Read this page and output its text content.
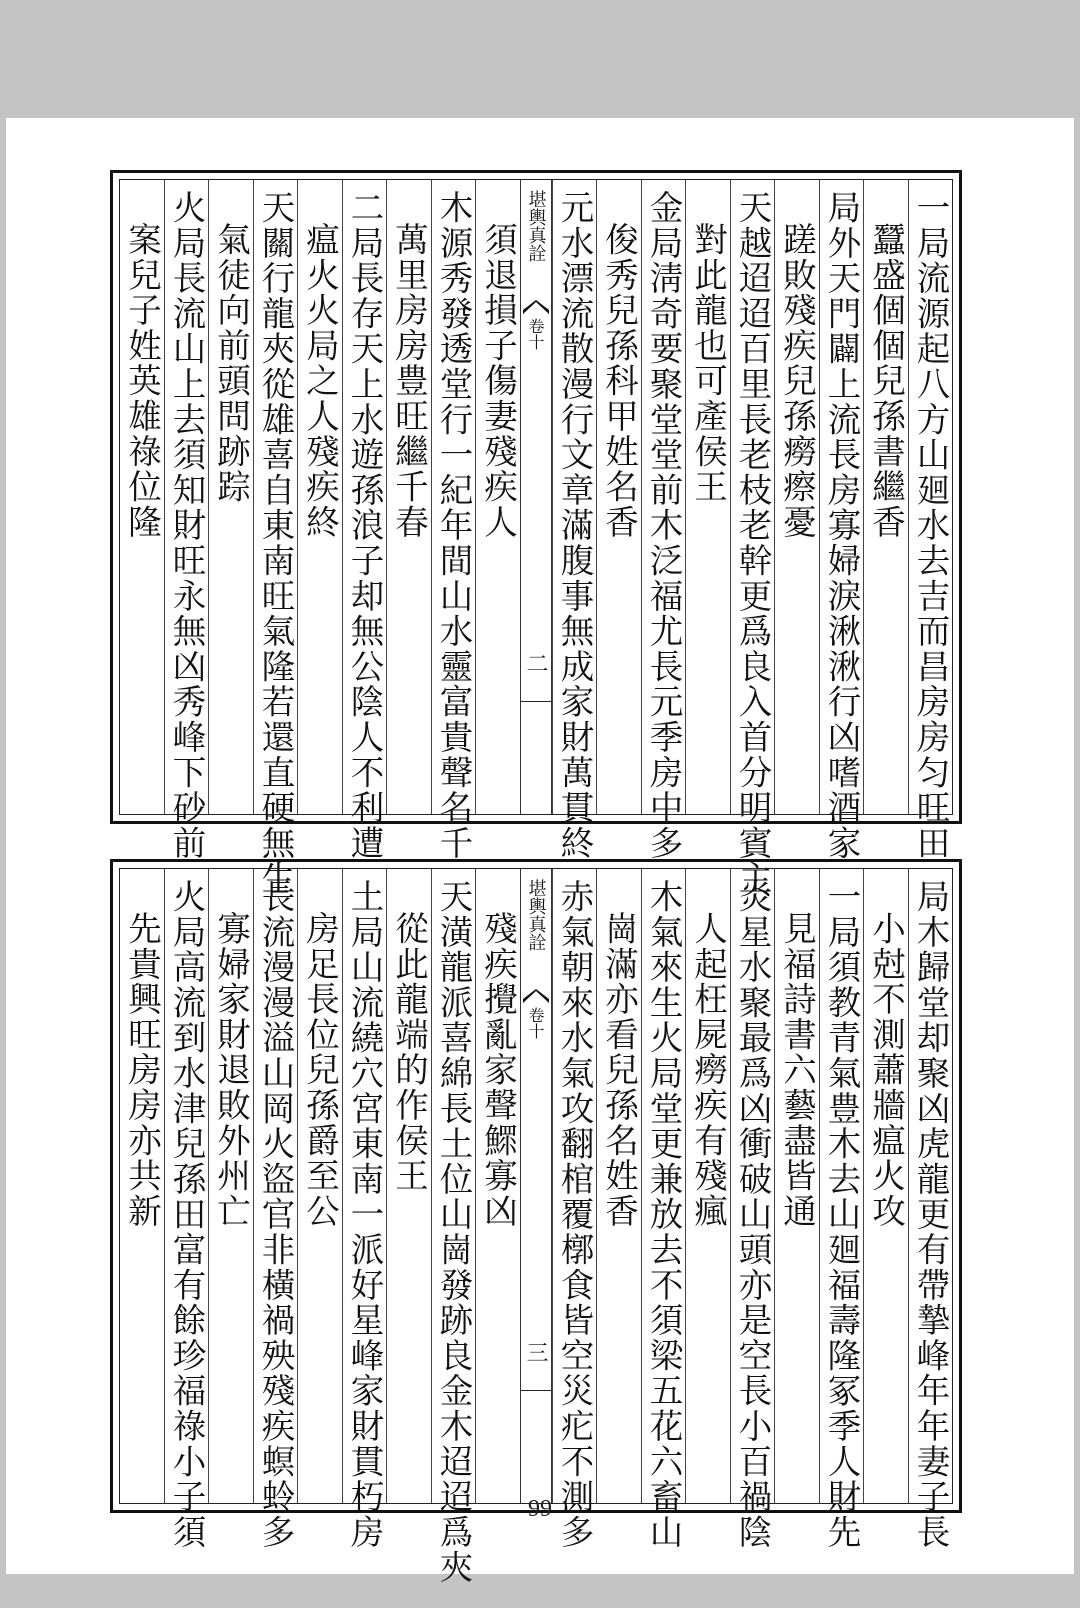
一局流源起八方山廻水去吉而昌房房匀旺田
蠶盛個個兒孫書繼香
局外天門闢上流長房寡婦淚湫湫行凶嗜酒家
蹉敗殘疾兒孫癆瘵憂
天越迢迢百里長老枝老幹更爲良入首分明賓主
對此龍也可產侯王
金局淸奇要聚堂堂前木泛福尤長元季房中多
俊秀兒孫科甲姓名香
元水漂流散漫行文章滿腹事無成家財萬貫終
堪輿真詮
卷十
二
須退損子傷妻殘疾人
木源秀發透堂行一紀年間山水靈富貴聲名千
萬里房房豊旺繼千春
二局長存天上水遊孫浪子却無公陰人不利遭
瘟火火局之人殘疾終
天關行龍夾從雄喜自東南旺氣隆若還直硬無生
氣徒向前頭問跡踪
火局長流山上去須知財旺永無凶秀峰下砂前
案兒子姓英雄祿位隆
局木歸堂却聚凶虎龍更有帶摯峰年年妻子長
小尅不測蕭牆瘟火攻
一局須教青氣豊木去山廻福壽隆冢季人財先
見福詩書六藝盡皆通
炎星水聚最爲凶衝破山頭亦是空長小百禍陰
人起枉屍癆疾有殘瘋
木氣來生火局堂更兼放去不須梁五花六畜山
崗滿亦看兒孫名姓香
赤氣朝來水氣攻翻棺覆槨食皆空災疕不測多
堪輿真詮
卷十
三
殘疾攪亂家聲鰥寡凶
天潢龍派喜綿長土位山崗發跡良金木迢迢爲夾
從此龍端的作侯王
土局山流繞穴宮東南一派好星峰家財貫朽房
房足長位兒孫爵至公
長流漫漫溢山岡火盜官非橫禍殃殘疾螟蛉多
寡婦家財退敗外州亡
火局高流到水津兒孫田富有餘珍福祿小子須
先貴興旺房房亦共新
99
